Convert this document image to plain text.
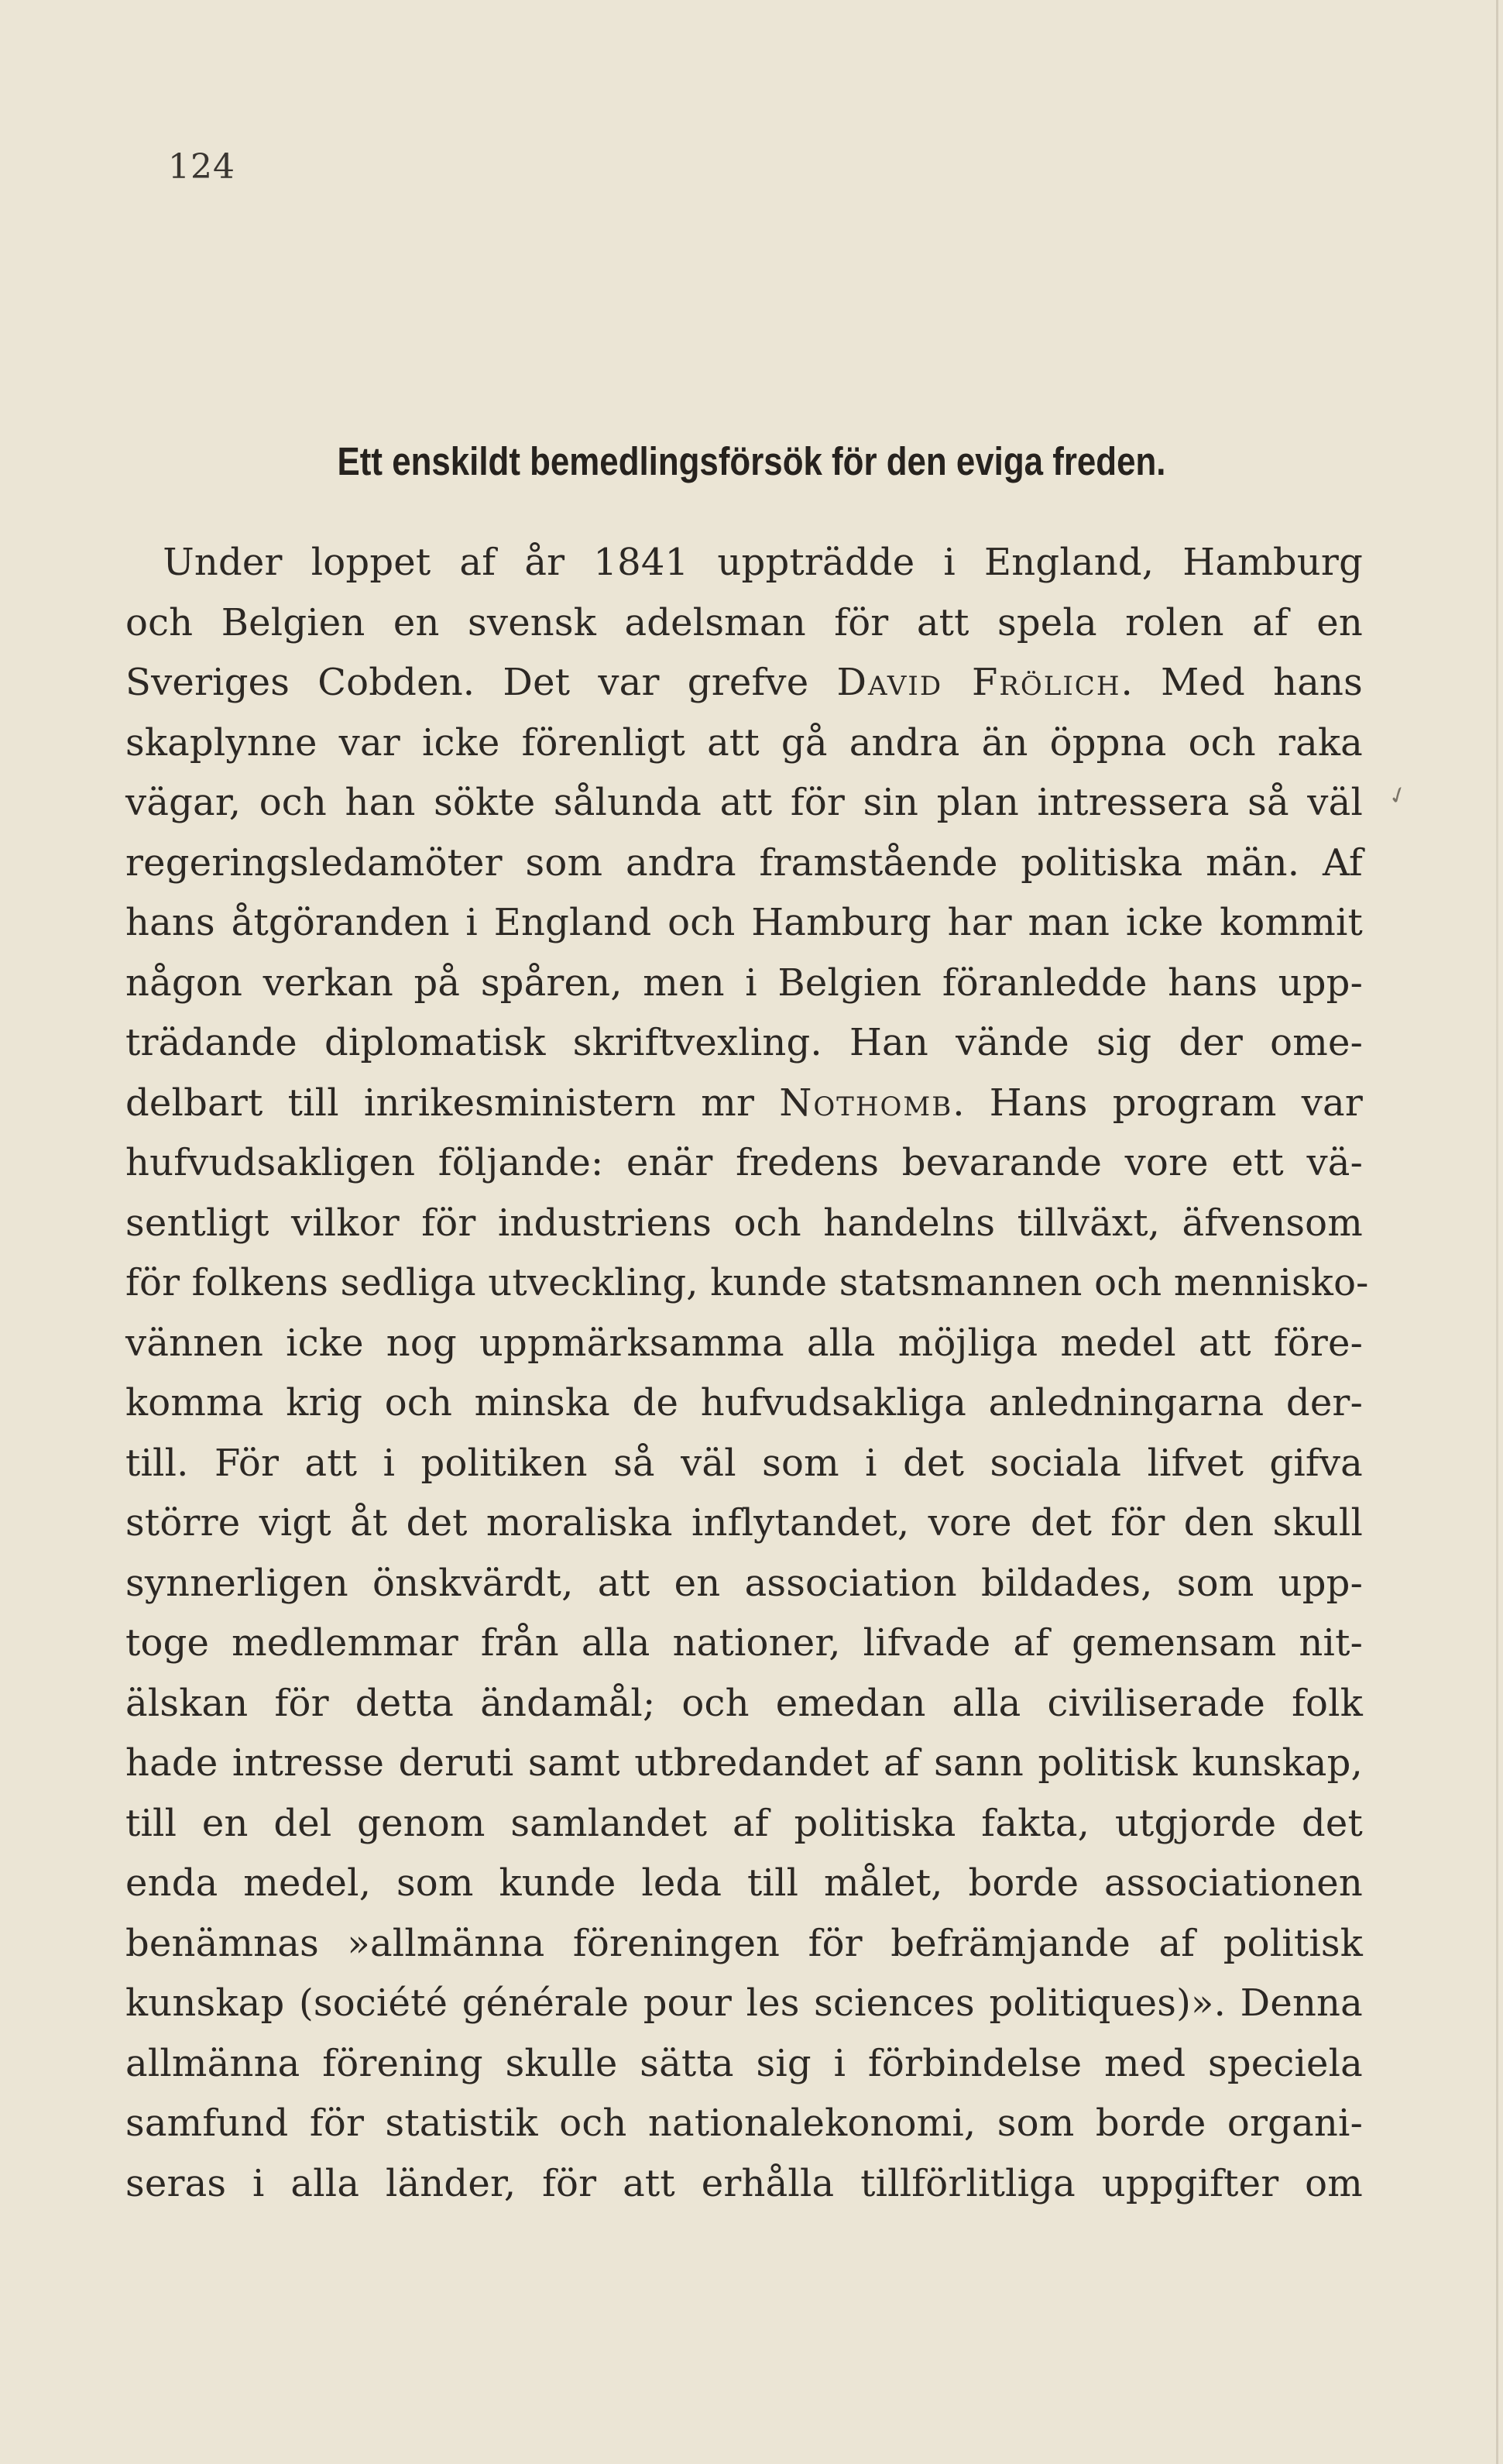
124
Ett enskildt bemedlingsförsök för den eviga freden.
✓
 Under loppet af år 1841 uppträdde i England, Hamburg
och Belgien en svensk adelsman för att spela rolen af en
Sveriges Cobden. Det var grefve David Frölich. Med hans
skaplynne var icke förenligt att gå andra än öppna och raka
vägar, och han sökte sålunda att för sin plan intressera så väl
regeringsledamöter som andra framstående politiska män. Af
hans åtgöranden i England och Hamburg har man icke kommit
någon verkan på spåren, men i Belgien föranledde hans upp-
trädande diplomatisk skriftvexling. Han vände sig der ome-
delbart till inrikesministern mr Nothomb. Hans program var
hufvudsakligen följande: enär fredens bevarande vore ett vä-
sentligt vilkor för industriens och handelns tillväxt, äfvensom
för folkens sedliga utveckling, kunde statsmannen och mennisko-
vännen icke nog uppmärksamma alla möjliga medel att före-
komma krig och minska de hufvudsakliga anledningarna der-
till. För att i politiken så väl som i det sociala lifvet gifva
större vigt åt det moraliska inflytandet, vore det för den skull
synnerligen önskvärdt, att en association bildades, som upp-
toge medlemmar från alla nationer, lifvade af gemensam nit-
älskan för detta ändamål; och emedan alla civiliserade folk
hade intresse deruti samt utbredandet af sann politisk kunskap,
till en del genom samlandet af politiska fakta, utgjorde det
enda medel, som kunde leda till målet, borde associationen
benämnas »allmänna föreningen för befrämjande af politisk
kunskap (société générale pour les sciences politiques)». Denna
allmänna förening skulle sätta sig i förbindelse med speciela
samfund för statistik och nationalekonomi, som borde organi-
seras i alla länder, för att erhålla tillförlitliga uppgifter om
